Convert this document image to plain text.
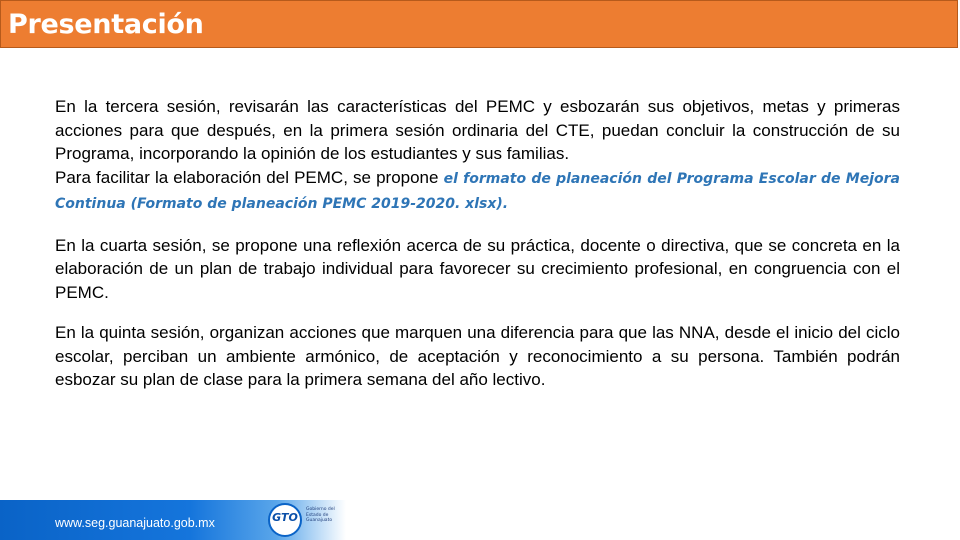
Presentación

En la tercera sesión, revisarán las características del PEMC y esbozarán sus objetivos, metas y primeras acciones para que después, en la primera sesión ordinaria del CTE, puedan concluir la construcción de su Programa, incorporando la opinión de los estudiantes y sus familias.
Para facilitar la elaboración del PEMC, se propone el formato de planeación del Programa Escolar de Mejora Continua (Formato de planeación PEMC 2019-2020. xlsx).

En la cuarta sesión, se propone una reflexión acerca de su práctica, docente o directiva, que se concreta en la elaboración de un plan de trabajo individual para favorecer su crecimiento profesional, en congruencia con el PEMC.

En la quinta sesión, organizan acciones que marquen una diferencia para que las NNA, desde el inicio del ciclo escolar, perciban un ambiente armónico, de aceptación y reconocimiento a su persona. También podrán esbozar su plan de clase para la primera semana del año lectivo.

www.seg.guanajuato.gob.mx	GTO
Gobierno del Estado de Guanajuato
